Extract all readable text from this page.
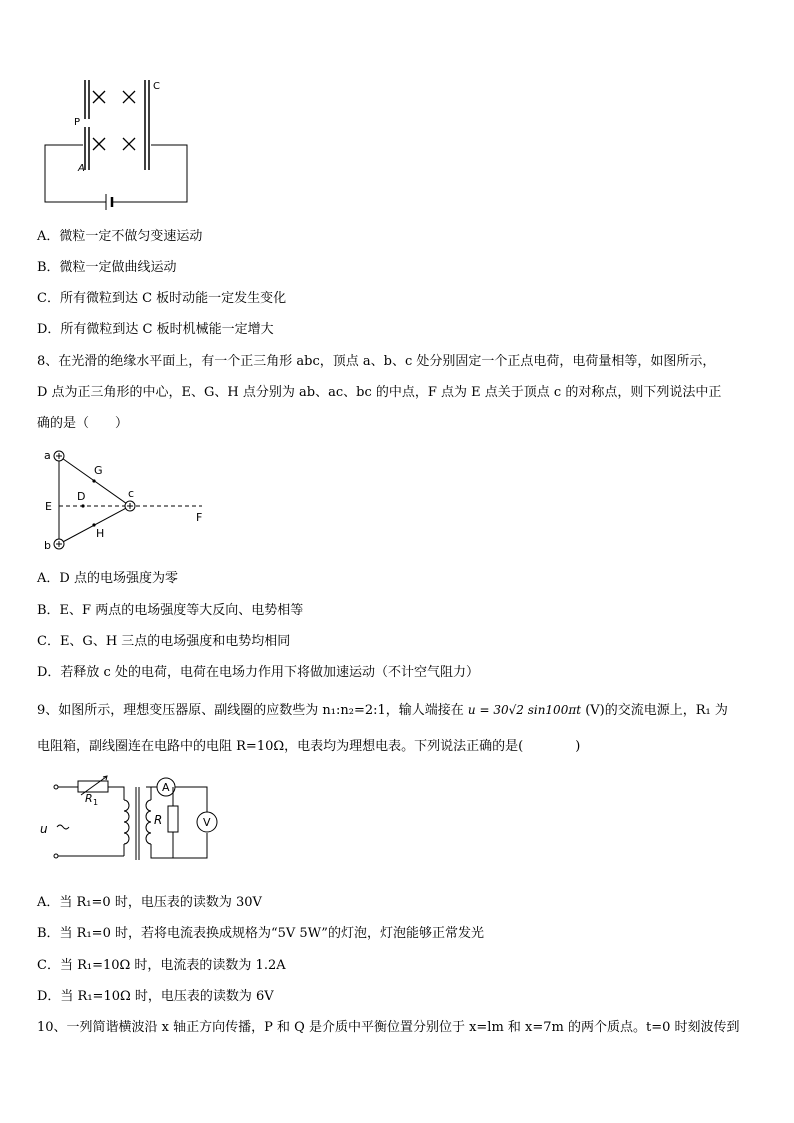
P
C
A
A．微粒一定不做匀变速运动
B．微粒一定做曲线运动
C．所有微粒到达 C 板时动能一定发生变化
D．所有微粒到达 C 板时机械能一定增大
8、在光滑的绝缘水平面上，有一个正三角形 abc，顶点 a、b、c 处分别固定一个正点电荷，电荷量相等，如图所示，
D 点为正三角形的中心，E、G、H 点分别为 ab、ac、bc 的中点，F 点为 E 点关于顶点 c 的对称点，则下列说法中正
确的是（　　）
a
b
c
D
E
F
G
H
A．D 点的电场强度为零
B．E、F 两点的电场强度等大反向、电势相等
C．E、G、H 三点的电场强度和电势均相同
D．若释放 c 处的电荷，电荷在电场力作用下将做加速运动（不计空气阻力）
9、如图所示，理想变压器原、副线圈的应数些为 n₁:n₂=2:1，输人端接在 u = 30√2 sin100πt (V)的交流电源上，R₁ 为
电阻箱，副线圈连在电路中的电阻 R=10Ω，电表均为理想电表。下列说法正确的是(　　　　)
u
R 1
A
R	V
A．当 R₁=0 时，电压表的读数为 30V
B．当 R₁=0 时，若将电流表换成规格为“5V 5W”的灯泡，灯泡能够正常发光
C．当 R₁=10Ω 时，电流表的读数为 1.2A
D．当 R₁=10Ω 时，电压表的读数为 6V
10、一列简谐横波沿 x 轴正方向传播，P 和 Q 是介质中平衡位置分别位于 x=lm 和 x=7m 的两个质点。t=0 时刻波传到
